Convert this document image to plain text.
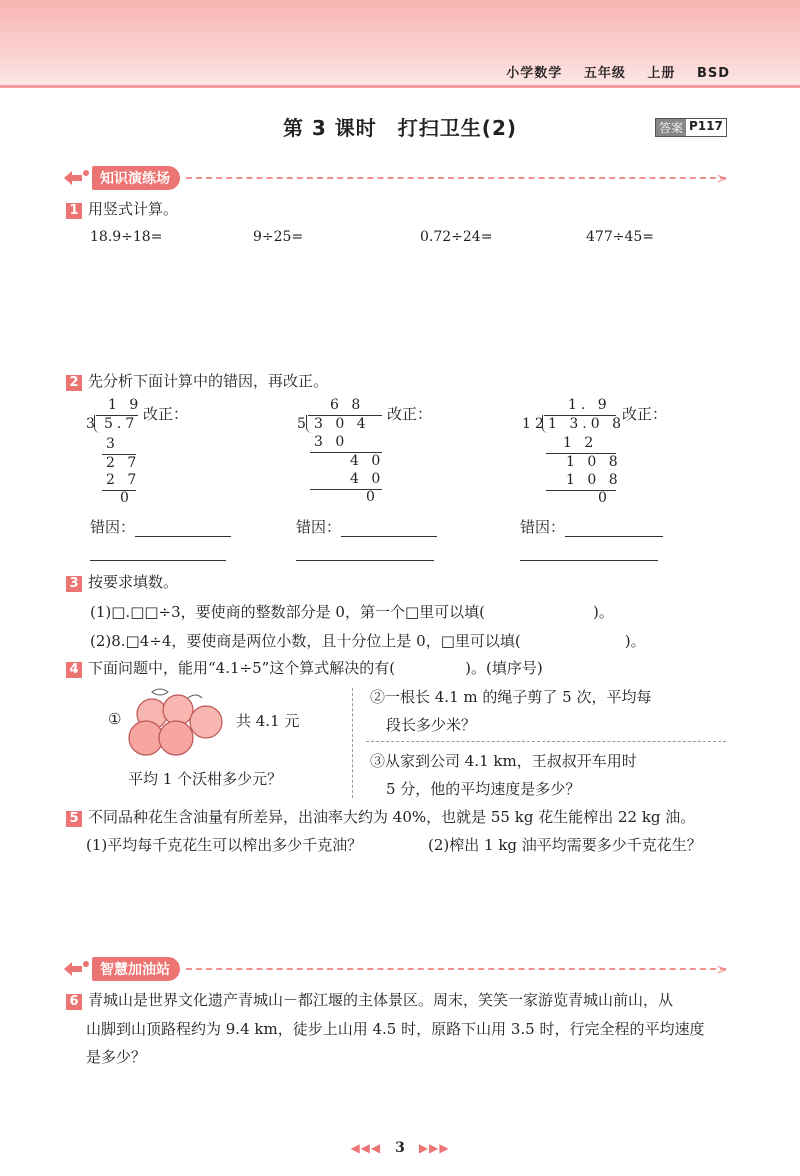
小学数学 五年级 上册 BSD
第 3 课时　打扫卫生(2)	答案 P117
知识演练场	>
1 用竖式计算。
18.9÷18=	9÷25=	0.72÷24=	477÷45=
2 先分析下面计算中的错因，再改正。
1 9
3 5.7
3
2 7
2 7
0
改正：	6 8
5 3 0 4
3 0
4 0
4 0
0
改正：	1. 9
12 1 3.0 8
1 2
1 0 8
1 0 8
0
改正：
错因：	错因：	错因：
3 按要求填数。
(1)□.□□÷3，要使商的整数部分是 0，第一个□里可以填(	)。
(2)8.□4÷4，要使商是两位小数，且十分位上是 0，□里可以填(	)。
4 下面问题中，能用“4.1÷5”这个算式解决的有(	)。(填序号)
①	共 4.1 元
平均 1 个沃柑多少元？
②一根长 4.1 m 的绳子剪了 5 次，平均每
段长多少米？
③从家到公司 4.1 km，王叔叔开车用时
5 分，他的平均速度是多少？
5 不同品种花生含油量有所差异，出油率大约为 40%，也就是 55 kg 花生能榨出 22 kg 油。
(1)平均每千克花生可以榨出多少千克油？	(2)榨出 1 kg 油平均需要多少千克花生？
智慧加油站	>
6 青城山是世界文化遗产青城山－都江堰的主体景区。周末，笑笑一家游览青城山前山，从
山脚到山顶路程约为 9.4 km，徒步上山用 4.5 时，原路下山用 3.5 时，行完全程的平均速度
是多少？
◀◀◀ 3 ▶▶▶
